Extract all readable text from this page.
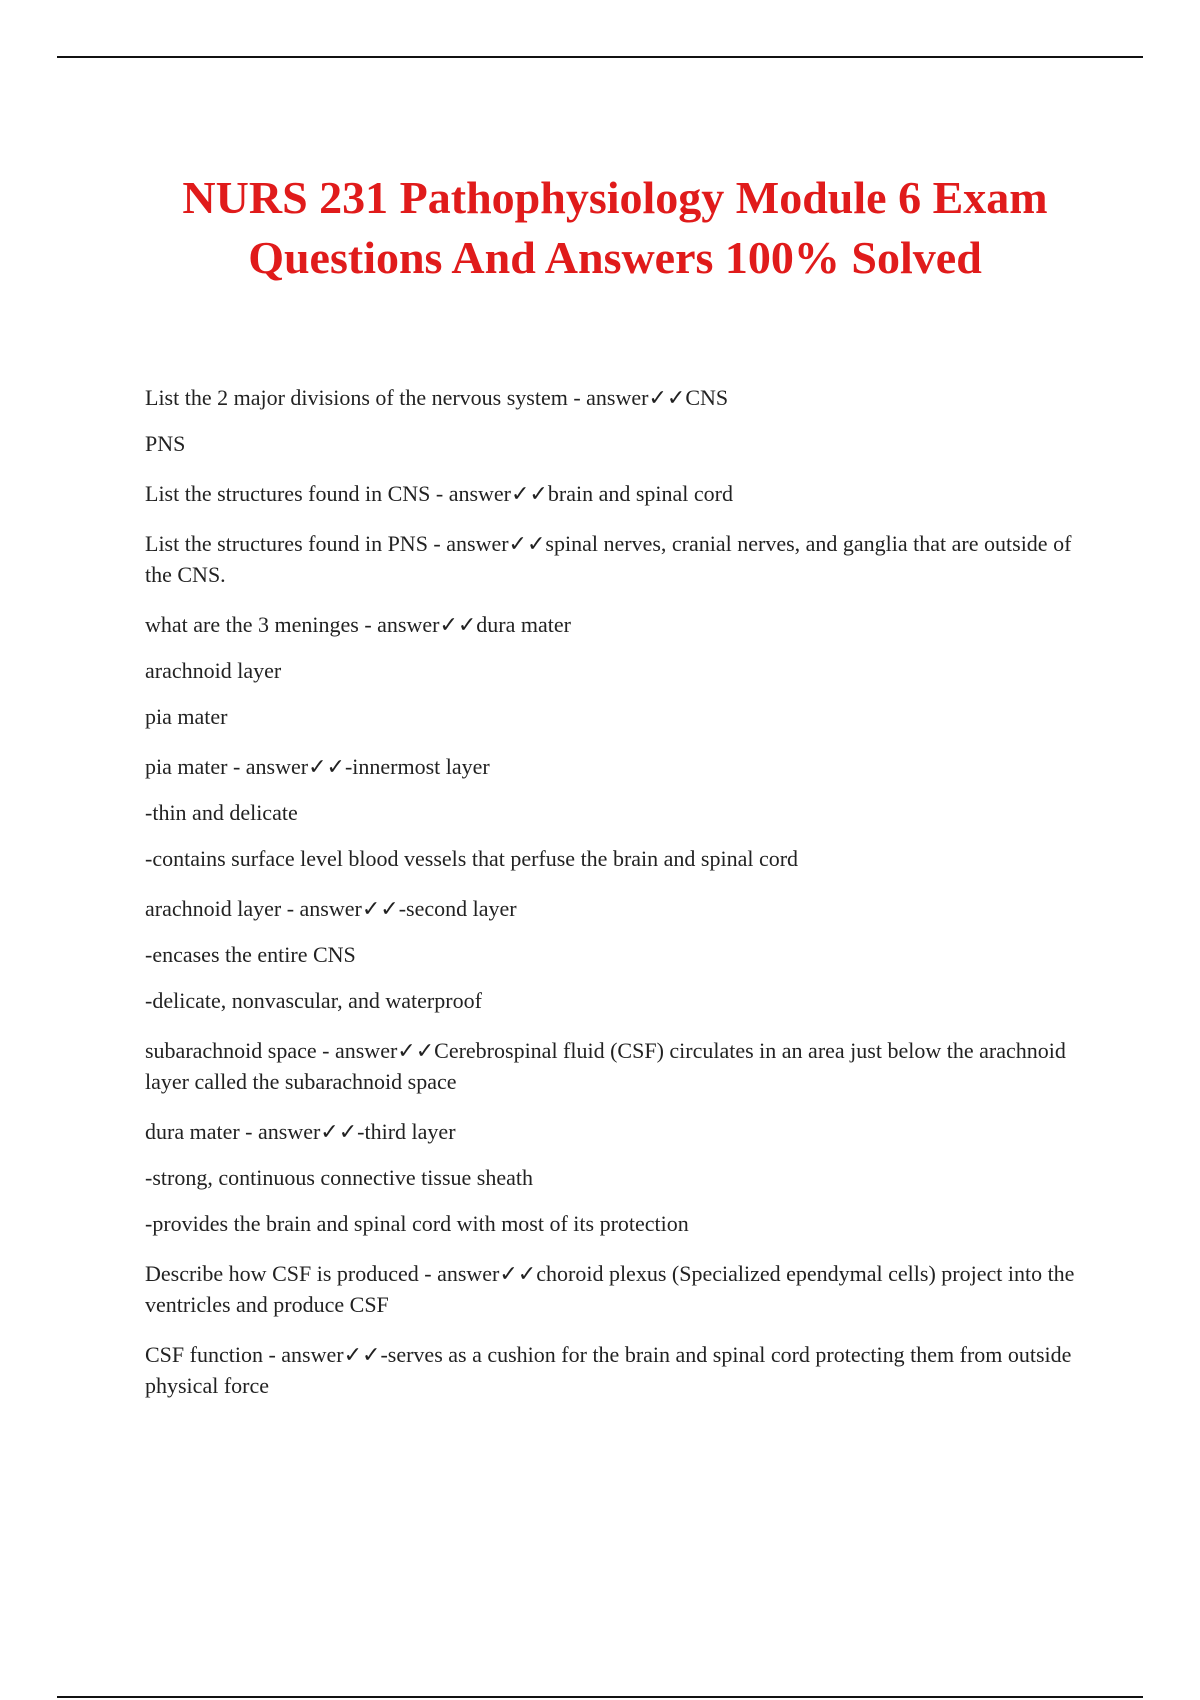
NURS 231 Pathophysiology Module 6 Exam Questions And Answers 100% Solved

List the 2 major divisions of the nervous system - answer✓✓CNS

PNS

List the structures found in CNS - answer✓✓brain and spinal cord

List the structures found in PNS - answer✓✓spinal nerves, cranial nerves, and ganglia that are outside of the CNS.

what are the 3 meninges - answer✓✓dura mater

arachnoid layer

pia mater

pia mater - answer✓✓-innermost layer

-thin and delicate

-contains surface level blood vessels that perfuse the brain and spinal cord

arachnoid layer - answer✓✓-second layer

-encases the entire CNS

-delicate, nonvascular, and waterproof

subarachnoid space - answer✓✓Cerebrospinal fluid (CSF) circulates in an area just below the arachnoid layer called the subarachnoid space

dura mater - answer✓✓-third layer

-strong, continuous connective tissue sheath

-provides the brain and spinal cord with most of its protection

Describe how CSF is produced - answer✓✓choroid plexus (Specialized ependymal cells) project into the ventricles and produce CSF

CSF function - answer✓✓-serves as a cushion for the brain and spinal cord protecting them from outside physical force
